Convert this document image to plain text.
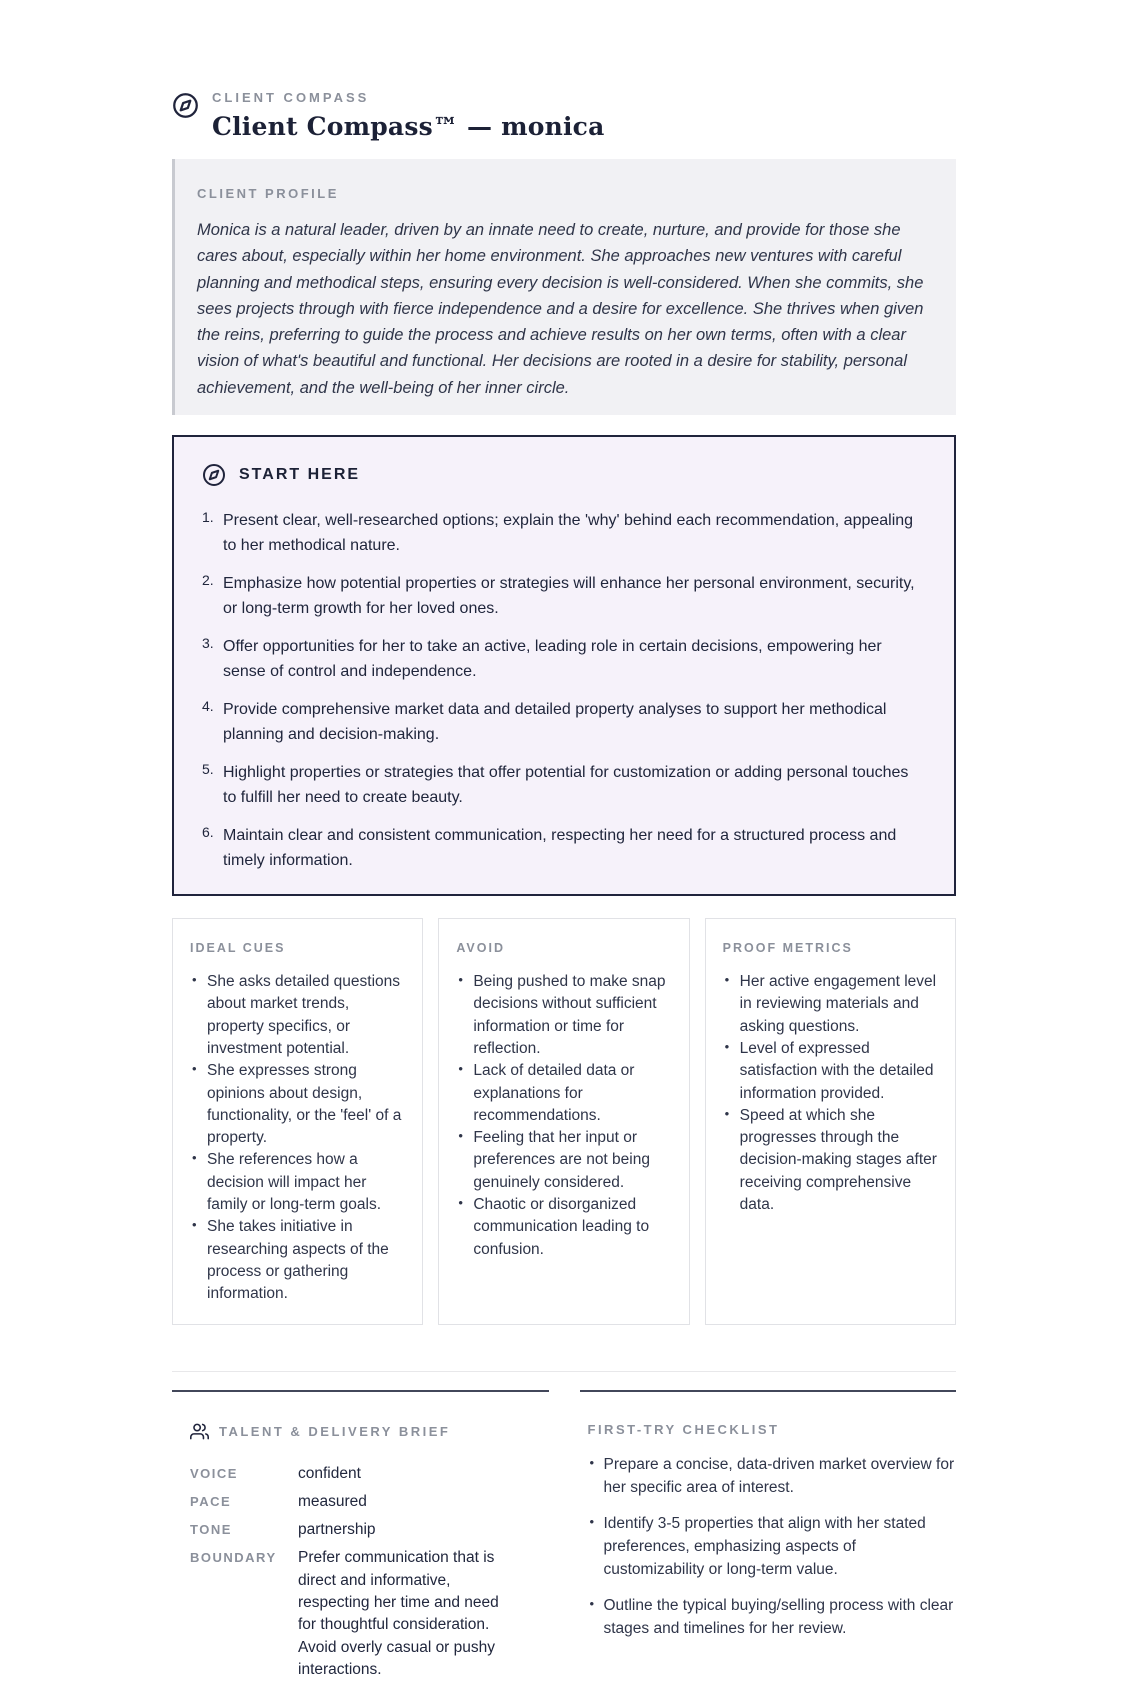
CLIENT COMPASS
Client Compass™ — monica
CLIENT PROFILE

Monica is a natural leader, driven by an innate need to create, nurture, and provide for those she cares about, especially within her home environment. She approaches new ventures with careful planning and methodical steps, ensuring every decision is well-considered. When she commits, she sees projects through with fierce independence and a desire for excellence. She thrives when given the reins, preferring to guide the process and achieve results on her own terms, often with a clear vision of what's beautiful and functional. Her decisions are rooted in a desire for stability, personal achievement, and the well-being of her inner circle.

START HERE
1. Present clear, well-researched options; explain the 'why' behind each recommendation, appealing to her methodical nature.
2. Emphasize how potential properties or strategies will enhance her personal environment, security, or long-term growth for her loved ones.
3. Offer opportunities for her to take an active, leading role in certain decisions, empowering her sense of control and independence.
4. Provide comprehensive market data and detailed property analyses to support her methodical planning and decision-making.
5. Highlight properties or strategies that offer potential for customization or adding personal touches to fulfill her need to create beauty.
6. Maintain clear and consistent communication, respecting her need for a structured process and timely information.
IDEAL CUES
• She asks detailed questions about market trends, property specifics, or investment potential.
• She expresses strong opinions about design, functionality, or the 'feel' of a property.
• She references how a decision will impact her family or long-term goals.
• She takes initiative in researching aspects of the process or gathering information.
AVOID
• Being pushed to make snap decisions without sufficient information or time for reflection.
• Lack of detailed data or explanations for recommendations.
• Feeling that her input or preferences are not being genuinely considered.
• Chaotic or disorganized communication leading to confusion.
PROOF METRICS
• Her active engagement level in reviewing materials and asking questions.
• Level of expressed satisfaction with the detailed information provided.
• Speed at which she progresses through the decision-making stages after receiving comprehensive data.
TALENT & DELIVERY BRIEF
VOICE	confident
PACE	measured
TONE	partnership
BOUNDARY	Prefer communication that is direct and informative, respecting her time and need for thoughtful consideration. Avoid overly casual or pushy interactions.
FIRST-TRY CHECKLIST
• Prepare a concise, data-driven market overview for her specific area of interest.
• Identify 3-5 properties that align with her stated preferences, emphasizing aspects of customizability or long-term value.
• Outline the typical buying/selling process with clear stages and timelines for her review.
